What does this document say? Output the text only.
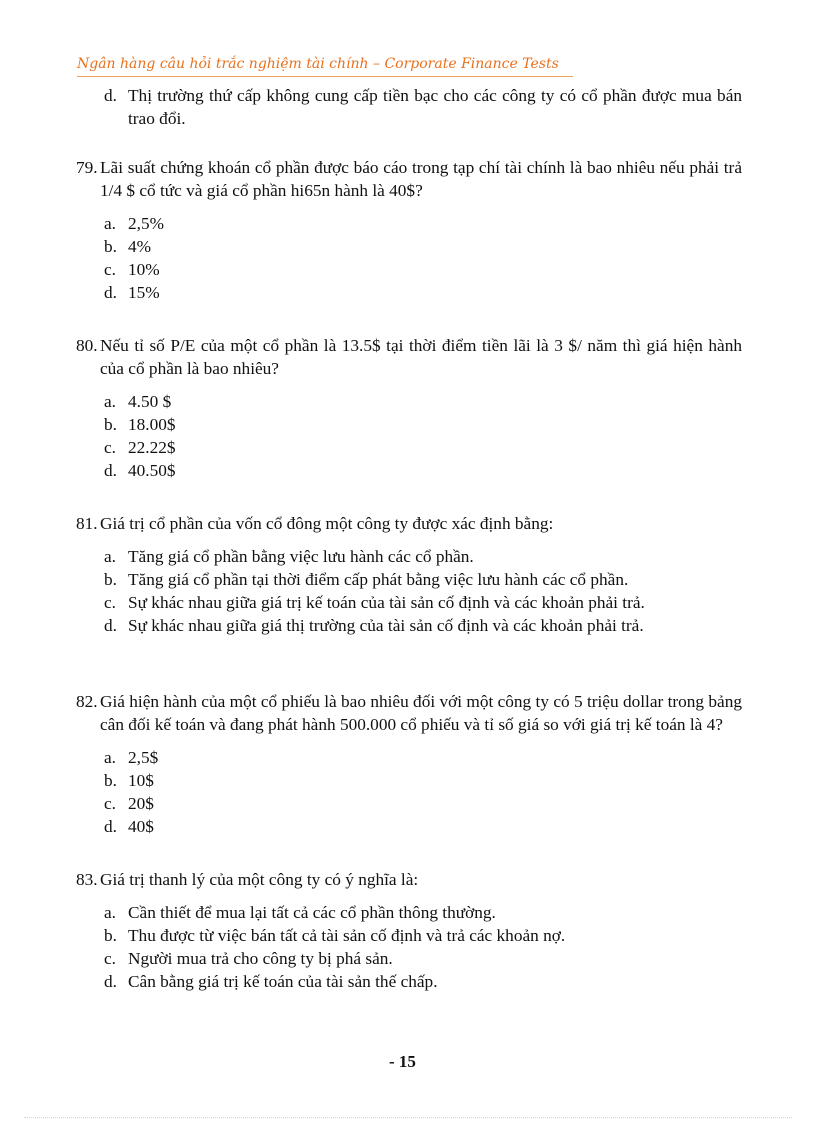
Ngân hàng câu hỏi trắc nghiệm tài chính – Corporate Finance Tests
d. Thị trường thứ cấp không cung cấp tiền bạc cho các công ty có cổ phần được mua bán trao đổi.
79. Lãi suất chứng khoán cổ phần được báo cáo trong tạp chí tài chính là bao nhiêu nếu phải trả 1/4 $ cổ tức và giá cổ phần hi65n hành là 40$?
a. 2,5%
b. 4%
c. 10%
d. 15%
80. Nếu tỉ số P/E của một cổ phần là 13.5$ tại thời điểm tiền lãi là 3 $/ năm thì giá hiện hành của cổ phần là bao nhiêu?
a. 4.50 $
b. 18.00$
c. 22.22$
d. 40.50$
81. Giá trị cổ phần của vốn cổ đông một công ty được xác định bằng:
a. Tăng giá cổ phần bằng việc lưu hành các cổ phần.
b. Tăng giá cổ phần tại thời điểm cấp phát bằng việc lưu hành các cổ phần.
c. Sự khác nhau giữa giá trị kế toán của tài sản cố định và các khoản phải trả.
d. Sự khác nhau giữa giá thị trường của tài sản cố định và các khoản phải trả.
82. Giá hiện hành của một cổ phiếu là bao nhiêu đối với một công ty có 5 triệu dollar trong bảng cân đối kế toán và đang phát hành 500.000 cổ phiếu và tỉ số giá so với giá trị kế toán là 4?
a. 2,5$
b. 10$
c. 20$
d. 40$
83. Giá trị thanh lý của một công ty có ý nghĩa là:
a. Cần thiết để mua lại tất cả các cổ phần thông thường.
b. Thu được từ việc bán tất cả tài sản cố định và trả các khoản nợ.
c. Người mua trả cho công ty bị phá sản.
d. Cân bằng giá trị kế toán của tài sản thế chấp.
- 15
